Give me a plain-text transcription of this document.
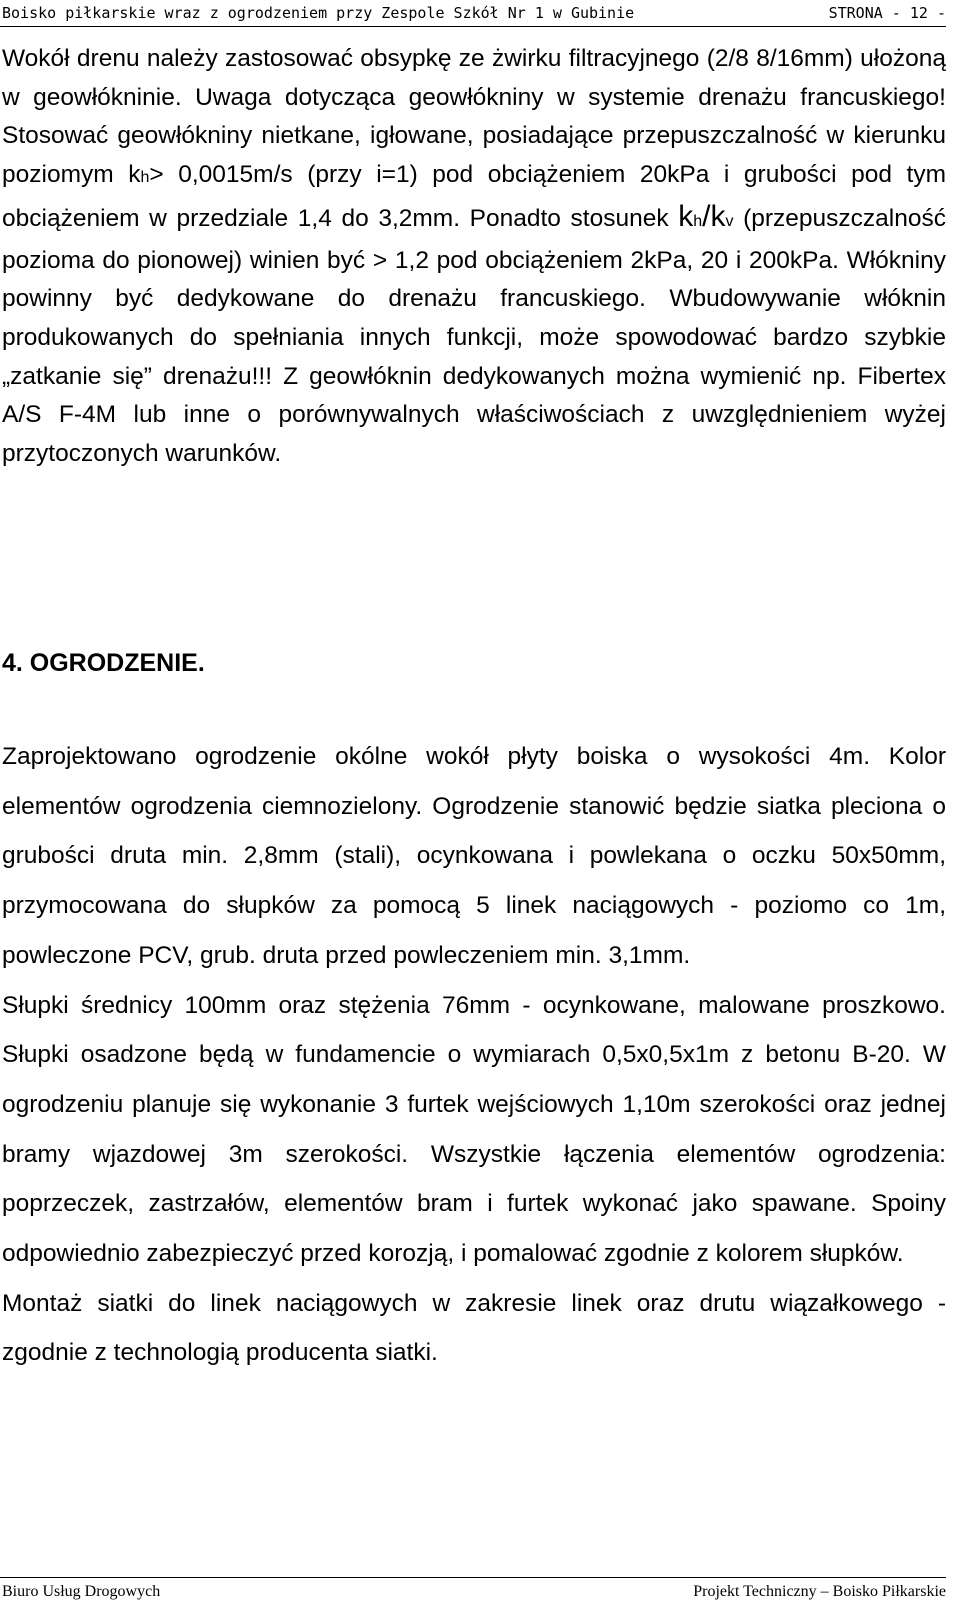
Boisko piłkarskie wraz z ogrodzeniem przy Zespole Szkół Nr 1 w Gubinie	STRONA - 12 -

Wokół drenu należy zastosować obsypkę ze żwirku filtracyjnego (2/8 8/16mm) ułożoną w geowłókninie. Uwaga dotycząca geowłókniny w systemie drenażu francuskiego! Stosować geowłókniny nietkane, igłowane, posiadające przepuszczalność w kierunku poziomym kh> 0,0015m/s (przy i=1) pod obciążeniem 20kPa i grubości pod tym obciążeniem w przedziale 1,4 do 3,2mm. Ponadto stosunek kh/kv (przepuszczalność pozioma do pionowej) winien być > 1,2 pod obciążeniem 2kPa, 20 i 200kPa. Włókniny powinny być dedykowane do drenażu francuskiego. Wbudowywanie włóknin produkowanych do spełniania innych funkcji, może spowodować bardzo szybkie „zatkanie się” drenażu!!! Z geowłóknin dedykowanych można wymienić np. Fibertex A/S F-4M lub inne o porównywalnych właściwościach z uwzględnieniem wyżej przytoczonych warunków.

4. OGRODZENIE.

Zaprojektowano ogrodzenie okólne wokół płyty boiska o wysokości 4m. Kolor elementów ogrodzenia ciemnozielony. Ogrodzenie stanowić będzie siatka pleciona o grubości druta min. 2,8mm (stali), ocynkowana i powlekana o oczku 50x50mm, przymocowana do słupków za pomocą 5 linek naciągowych - poziomo co 1m, powleczone PCV, grub. druta przed powleczeniem min. 3,1mm.

Słupki średnicy 100mm oraz stężenia 76mm - ocynkowane, malowane proszkowo. Słupki osadzone będą w fundamencie o wymiarach 0,5x0,5x1m z betonu B-20. W ogrodzeniu planuje się wykonanie 3 furtek wejściowych 1,10m szerokości oraz jednej bramy wjazdowej 3m szerokości. Wszystkie łączenia elementów ogrodzenia: poprzeczek, zastrzałów, elementów bram i furtek wykonać jako spawane. Spoiny odpowiednio zabezpieczyć przed korozją, i pomalować zgodnie z kolorem słupków.

Montaż siatki do linek naciągowych w zakresie linek oraz drutu wiązałkowego - zgodnie z technologią producenta siatki.

Biuro Usług Drogowych	Projekt Techniczny – Boisko Piłkarskie
